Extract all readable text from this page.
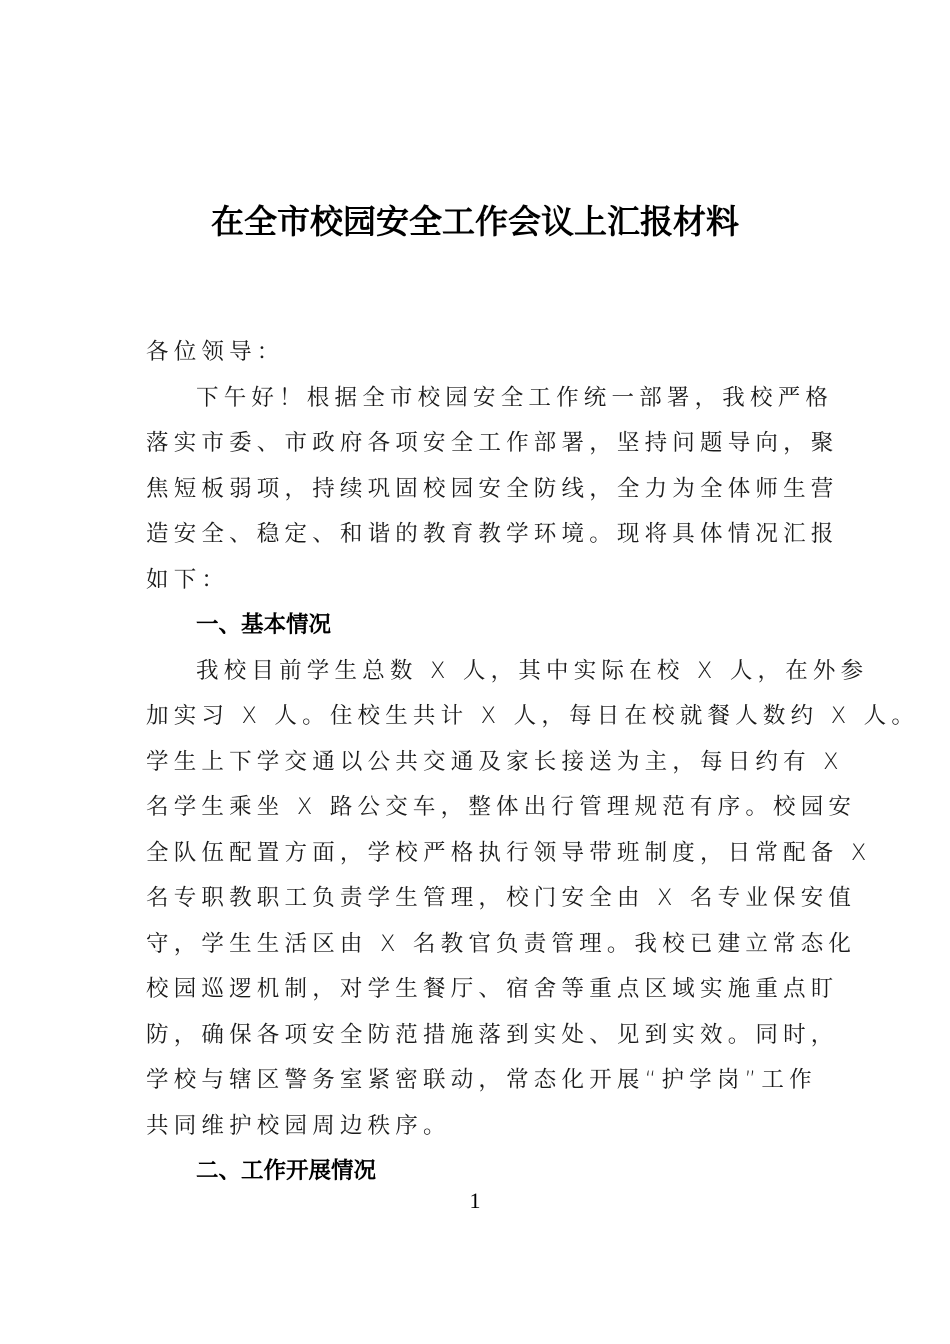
在全市校园安全工作会议上汇报材料
各位领导：
下午好！根据全市校园安全工作统一部署，我校严格
落实市委、市政府各项安全工作部署，坚持问题导向，聚
焦短板弱项，持续巩固校园安全防线，全力为全体师生营
造安全、稳定、和谐的教育教学环境。现将具体情况汇报
如下：
一、基本情况
我校目前学生总数 X 人，其中实际在校 X 人，在外参
加实习 X 人。住校生共计 X 人，每日在校就餐人数约 X 人。
学生上下学交通以公共交通及家长接送为主，每日约有 X
名学生乘坐 X 路公交车，整体出行管理规范有序。校园安
全队伍配置方面，学校严格执行领导带班制度，日常配备 X
名专职教职工负责学生管理，校门安全由 X 名专业保安值
守，学生生活区由 X 名教官负责管理。我校已建立常态化
校园巡逻机制，对学生餐厅、宿舍等重点区域实施重点盯
防，确保各项安全防范措施落到实处、见到实效。同时，
学校与辖区警务室紧密联动，常态化开展“护学岗”工作
共同维护校园周边秩序。
二、工作开展情况
1
